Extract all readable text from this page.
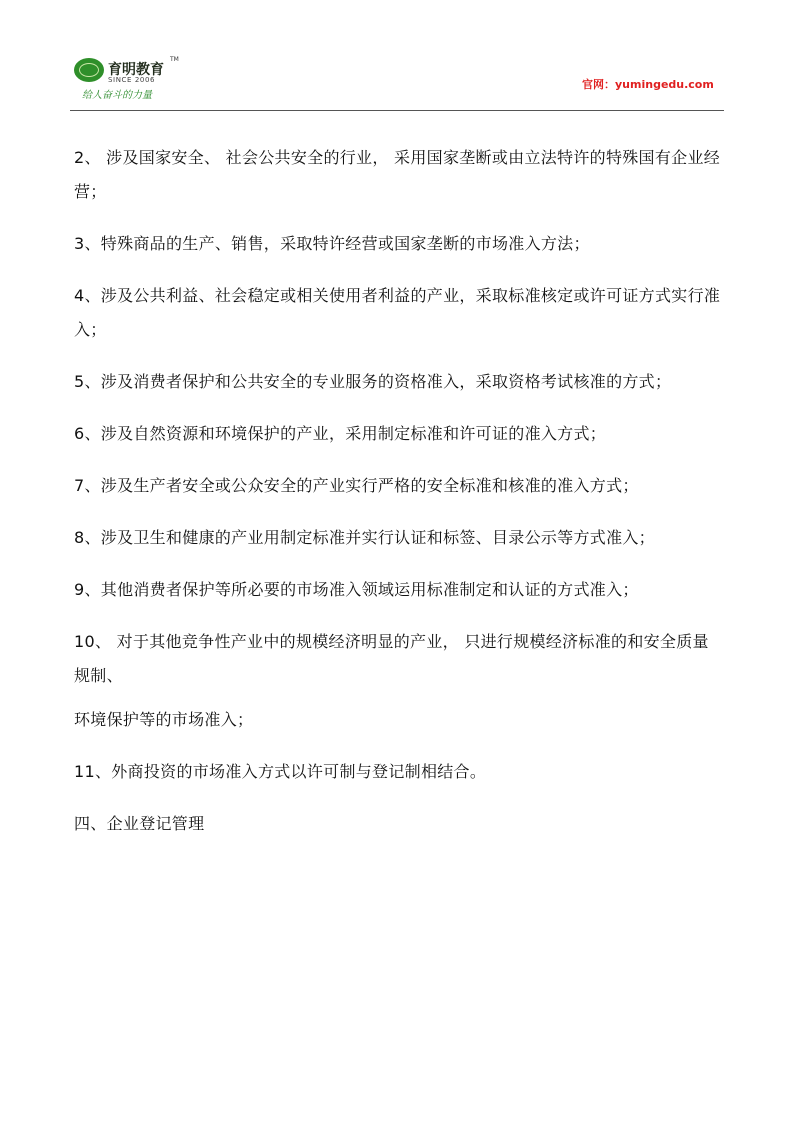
育明教育
TM
SINCE 2006
给人奋斗的力量
官网：yumingedu.com

2、 涉及国家安全、 社会公共安全的行业， 采用国家垄断或由立法特许的特殊国有企业经营；

3、特殊商品的生产、销售，采取特许经营或国家垄断的市场准入方法；

4、涉及公共利益、社会稳定或相关使用者利益的产业，采取标准核定或许可证方式实行准入；

5、涉及消费者保护和公共安全的专业服务的资格准入，采取资格考试核准的方式；

6、涉及自然资源和环境保护的产业，采用制定标准和许可证的准入方式；

7、涉及生产者安全或公众安全的产业实行严格的安全标准和核准的准入方式；

8、涉及卫生和健康的产业用制定标准并实行认证和标签、目录公示等方式准入；

9、其他消费者保护等所必要的市场准入领域运用标准制定和认证的方式准入；

10、 对于其他竞争性产业中的规模经济明显的产业， 只进行规模经济标准的和安全质量规制、

环境保护等的市场准入；

11、外商投资的市场准入方式以许可制与登记制相结合。

四、企业登记管理
